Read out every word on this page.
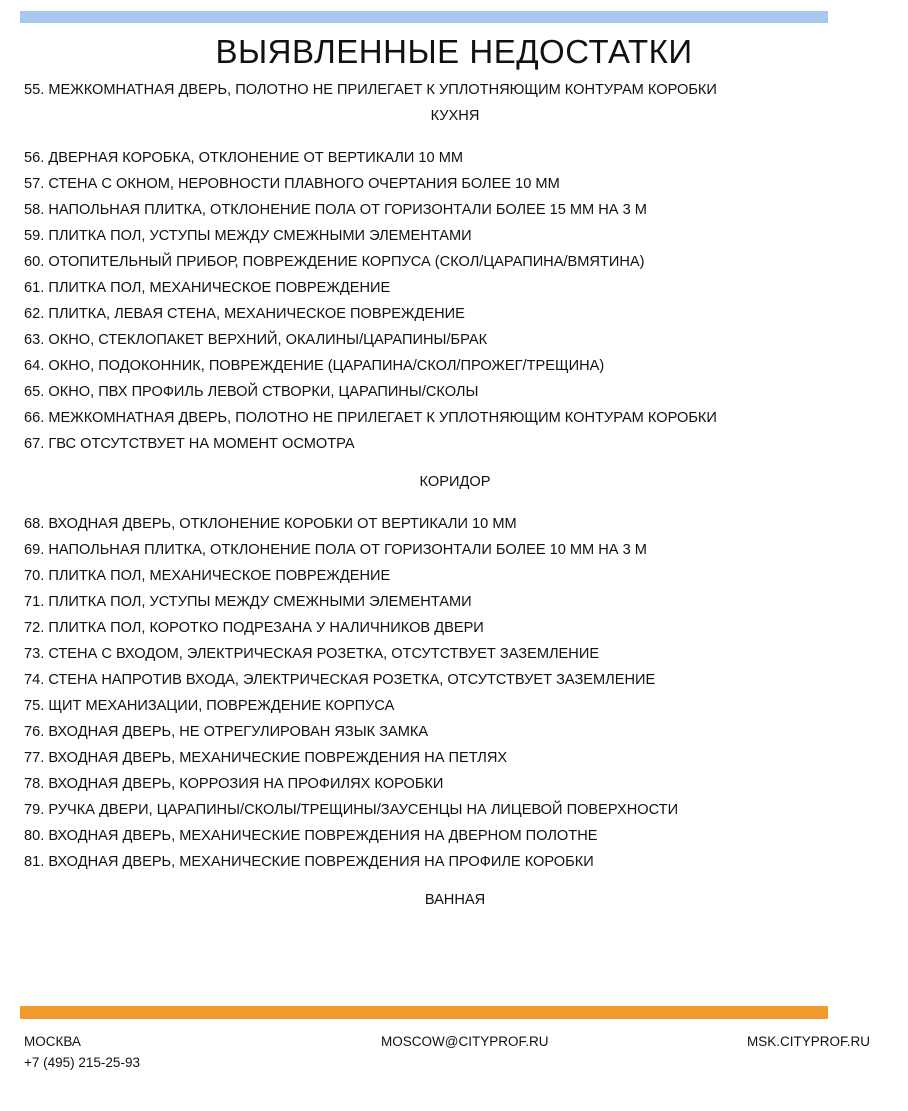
ВЫЯВЛЕННЫЕ НЕДОСТАТКИ
55. МЕЖКОМНАТНАЯ ДВЕРЬ, ПОЛОТНО НЕ ПРИЛЕГАЕТ К УПЛОТНЯЮЩИМ КОНТУРАМ КОРОБКИ
КУХНЯ
56. ДВЕРНАЯ КОРОБКА, ОТКЛОНЕНИЕ ОТ ВЕРТИКАЛИ 10 ММ
57. СТЕНА С ОКНОМ, НЕРОВНОСТИ ПЛАВНОГО ОЧЕРТАНИЯ БОЛЕЕ 10 ММ
58. НАПОЛЬНАЯ ПЛИТКА, ОТКЛОНЕНИЕ ПОЛА ОТ ГОРИЗОНТАЛИ БОЛЕЕ 15 ММ НА 3 М
59. ПЛИТКА ПОЛ, УСТУПЫ МЕЖДУ СМЕЖНЫМИ ЭЛЕМЕНТАМИ
60. ОТОПИТЕЛЬНЫЙ ПРИБОР, ПОВРЕЖДЕНИЕ КОРПУСА (СКОЛ/ЦАРАПИНА/ВМЯТИНА)
61. ПЛИТКА ПОЛ, МЕХАНИЧЕСКОЕ ПОВРЕЖДЕНИЕ
62. ПЛИТКА, ЛЕВАЯ СТЕНА, МЕХАНИЧЕСКОЕ ПОВРЕЖДЕНИЕ
63. ОКНО, СТЕКЛОПАКЕТ ВЕРХНИЙ, ОКАЛИНЫ/ЦАРАПИНЫ/БРАК
64. ОКНО, ПОДОКОННИК, ПОВРЕЖДЕНИЕ (ЦАРАПИНА/СКОЛ/ПРОЖЕГ/ТРЕЩИНА)
65. ОКНО, ПВХ ПРОФИЛЬ ЛЕВОЙ СТВОРКИ, ЦАРАПИНЫ/СКОЛЫ
66. МЕЖКОМНАТНАЯ ДВЕРЬ, ПОЛОТНО НЕ ПРИЛЕГАЕТ К УПЛОТНЯЮЩИМ КОНТУРАМ КОРОБКИ
67. ГВС ОТСУТСТВУЕТ НА МОМЕНТ ОСМОТРА
КОРИДОР
68. ВХОДНАЯ ДВЕРЬ, ОТКЛОНЕНИЕ КОРОБКИ ОТ ВЕРТИКАЛИ 10 ММ
69. НАПОЛЬНАЯ ПЛИТКА, ОТКЛОНЕНИЕ ПОЛА ОТ ГОРИЗОНТАЛИ БОЛЕЕ 10 ММ НА 3 М
70. ПЛИТКА ПОЛ, МЕХАНИЧЕСКОЕ ПОВРЕЖДЕНИЕ
71. ПЛИТКА ПОЛ, УСТУПЫ МЕЖДУ СМЕЖНЫМИ ЭЛЕМЕНТАМИ
72. ПЛИТКА ПОЛ, КОРОТКО ПОДРЕЗАНА У НАЛИЧНИКОВ ДВЕРИ
73. СТЕНА С ВХОДОМ, ЭЛЕКТРИЧЕСКАЯ РОЗЕТКА, ОТСУТСТВУЕТ ЗАЗЕМЛЕНИЕ
74. СТЕНА НАПРОТИВ ВХОДА, ЭЛЕКТРИЧЕСКАЯ РОЗЕТКА, ОТСУТСТВУЕТ ЗАЗЕМЛЕНИЕ
75. ЩИТ МЕХАНИЗАЦИИ, ПОВРЕЖДЕНИЕ КОРПУСА
76. ВХОДНАЯ ДВЕРЬ, НЕ ОТРЕГУЛИРОВАН ЯЗЫК ЗАМКА
77. ВХОДНАЯ ДВЕРЬ, МЕХАНИЧЕСКИЕ ПОВРЕЖДЕНИЯ НА ПЕТЛЯХ
78. ВХОДНАЯ ДВЕРЬ, КОРРОЗИЯ НА ПРОФИЛЯХ КОРОБКИ
79. РУЧКА ДВЕРИ, ЦАРАПИНЫ/СКОЛЫ/ТРЕЩИНЫ/ЗАУСЕНЦЫ НА ЛИЦЕВОЙ ПОВЕРХНОСТИ
80. ВХОДНАЯ ДВЕРЬ, МЕХАНИЧЕСКИЕ ПОВРЕЖДЕНИЯ НА ДВЕРНОМ ПОЛОТНЕ
81. ВХОДНАЯ ДВЕРЬ, МЕХАНИЧЕСКИЕ ПОВРЕЖДЕНИЯ НА ПРОФИЛЕ КОРОБКИ
ВАННАЯ
МОСКВА
+7 (495) 215-25-93
MOSCOW@CITYPROF.RU	MSK.CITYPROF.RU
